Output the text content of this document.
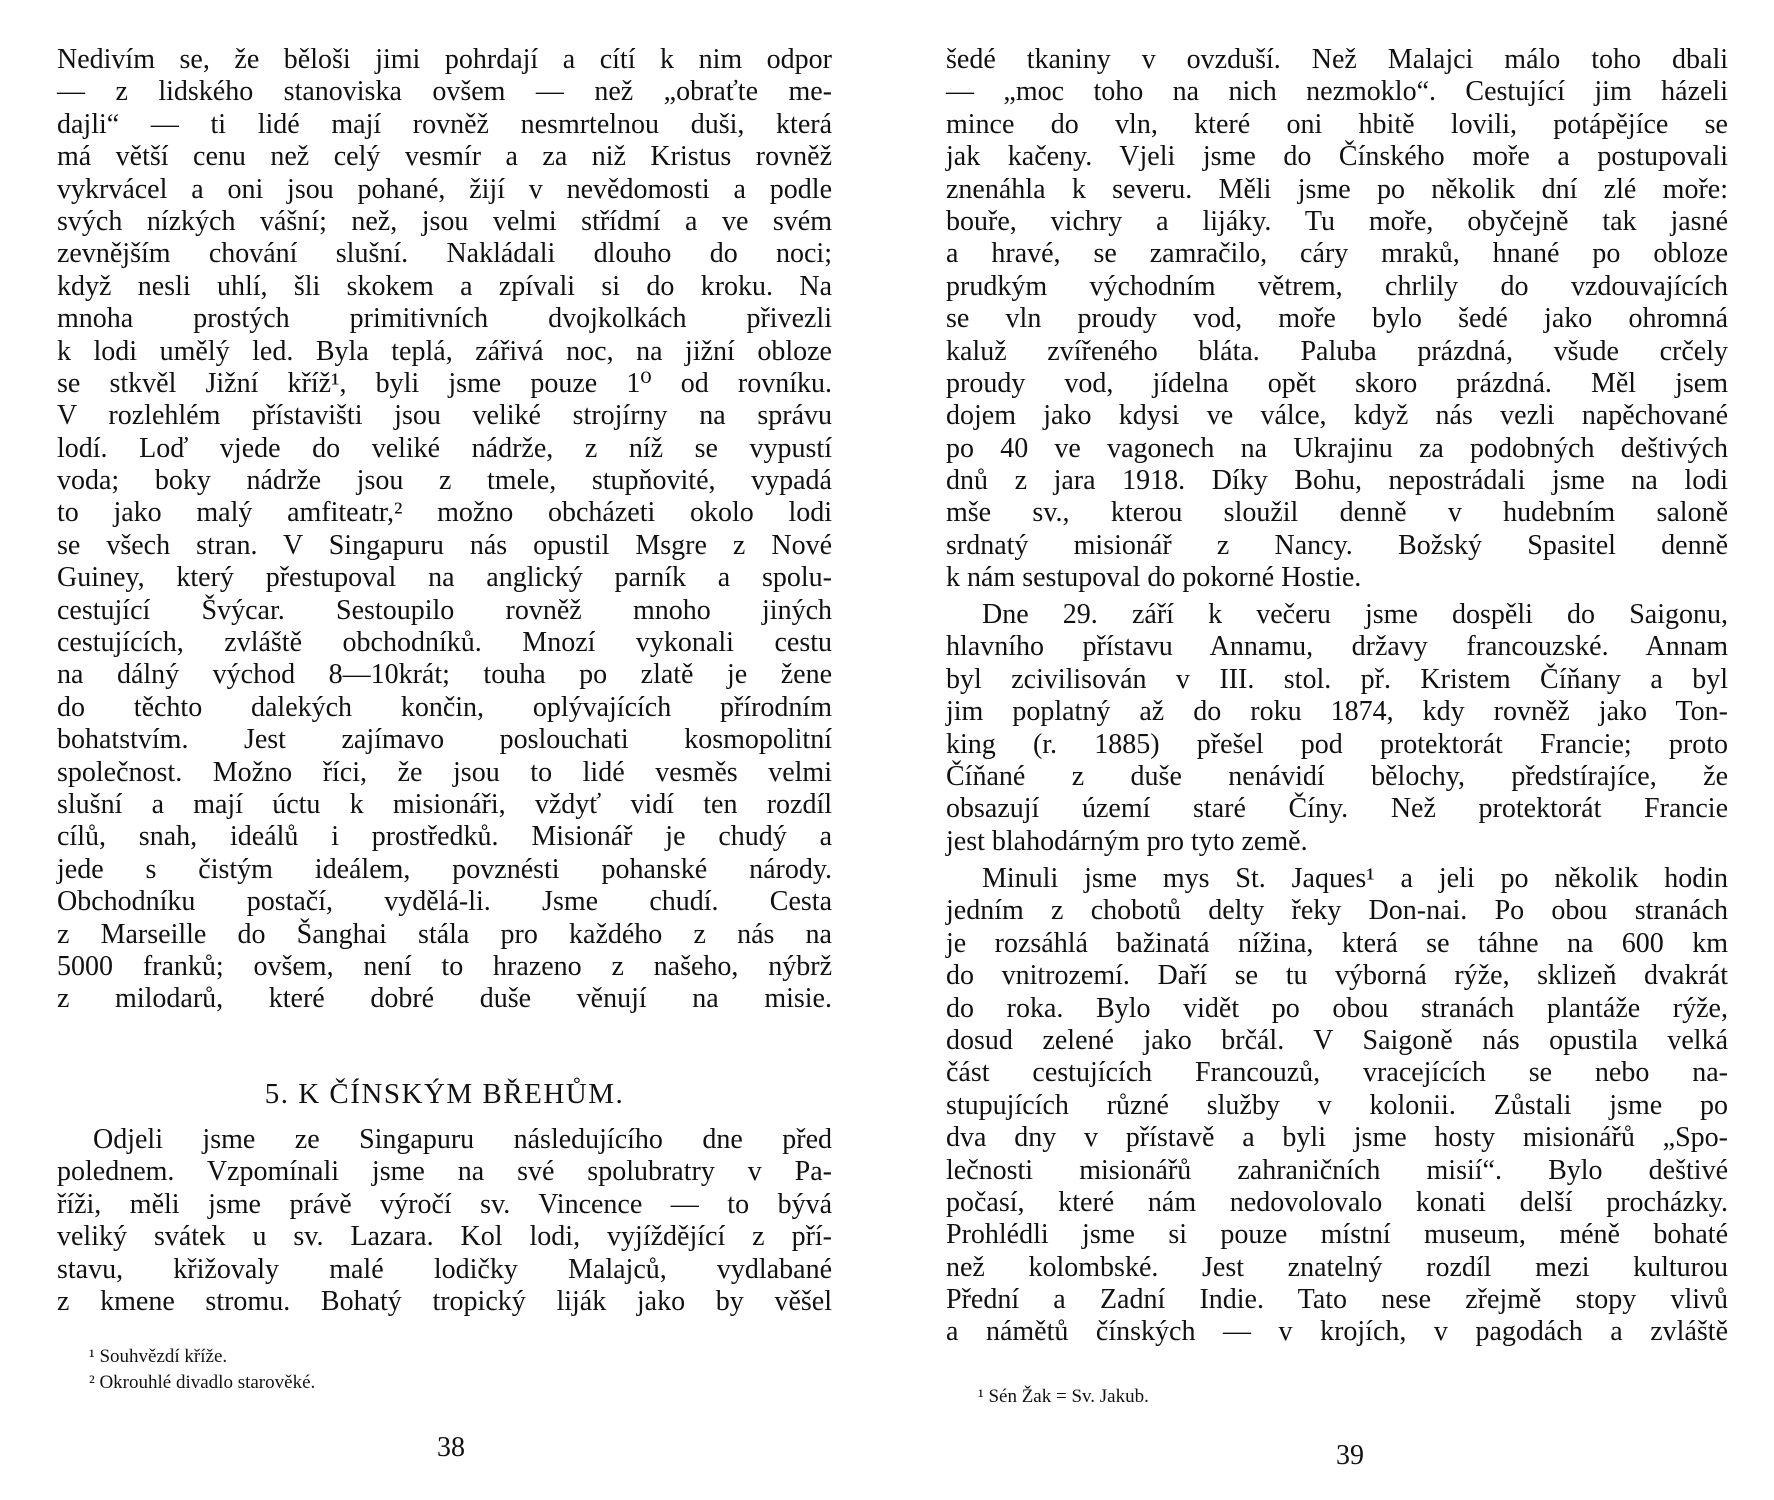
Nedivím se, že běloši jimi pohrdají a cítí k nim odpor
— z lidského stanoviska ovšem — než „obraťte me-
dajli“ — ti lidé mají rovněž nesmrtelnou duši, která
má větší cenu než celý vesmír a za niž Kristus rovněž
vykrvácel a oni jsou pohané, žijí v nevědomosti a podle
svých nízkých vášní; než, jsou velmi střídmí a ve svém
zevnějším chování slušní. Nakládali dlouho do noci;
když nesli uhlí, šli skokem a zpívali si do kroku. Na
mnoha prostých primitivních dvojkolkách přivezli
k lodi umělý led. Byla teplá, zářivá noc, na jižní obloze
se stkvěl Jižní kříž¹, byli jsme pouze 1⁰ od rovníku.
V rozlehlém přístavišti jsou veliké strojírny na správu
lodí. Loď vjede do veliké nádrže, z níž se vypustí
voda; boky nádrže jsou z tmele, stupňovité, vypadá
to jako malý amfiteatr,² možno obcházeti okolo lodi
se všech stran. V Singapuru nás opustil Msgre z Nové
Guiney, který přestupoval na anglický parník a spolu-
cestující Švýcar. Sestoupilo rovněž mnoho jiných
cestujících, zvláště obchodníků. Mnozí vykonali cestu
na dálný východ 8—10krát; touha po zlatě je žene
do těchto dalekých končin, oplývajících přírodním
bohatstvím. Jest zajímavo poslouchati kosmopolitní
společnost. Možno říci, že jsou to lidé vesměs velmi
slušní a mají úctu k misionáři, vždyť vidí ten rozdíl
cílů, snah, ideálů i prostředků. Misionář je chudý a
jede s čistým ideálem, povznésti pohanské národy.
Obchodníku postačí, vydělá-li. Jsme chudí. Cesta
z Marseille do Šanghai stála pro každého z nás na
5000 franků; ovšem, není to hrazeno z našeho, nýbrž
z milodarů, které dobré duše věnují na misie.
5. K ČÍNSKÝM BŘEHŮM.
Odjeli jsme ze Singapuru následujícího dne před
polednem. Vzpomínali jsme na své spolubratry v Pa-
říži, měli jsme právě výročí sv. Vincence — to bývá
veliký svátek u sv. Lazara. Kol lodi, vyjíždějící z pří-
stavu, křižovaly malé lodičky Malajců, vydlabané
z kmene stromu. Bohatý tropický liják jako by věšel
¹ Souhvězdí kříže.
² Okrouhlé divadlo starověké.
38
šedé tkaniny v ovzduší. Než Malajci málo toho dbali
— „moc toho na nich nezmoklo“. Cestující jim házeli
mince do vln, které oni hbitě lovili, potápějíce se
jak kačeny. Vjeli jsme do Čínského moře a postupovali
znenáhla k severu. Měli jsme po několik dní zlé moře:
bouře, vichry a lijáky. Tu moře, obyčejně tak jasné
a hravé, se zamračilo, cáry mraků, hnané po obloze
prudkým východním větrem, chrlily do vzdouvajících
se vln proudy vod, moře bylo šedé jako ohromná
kaluž zvířeného bláta. Paluba prázdná, všude crčely
proudy vod, jídelna opět skoro prázdná. Měl jsem
dojem jako kdysi ve válce, když nás vezli napěchované
po 40 ve vagonech na Ukrajinu za podobných deštivých
dnů z jara 1918. Díky Bohu, nepostrádali jsme na lodi
mše sv., kterou sloužil denně v hudebním saloně
srdnatý misionář z Nancy. Božský Spasitel denně
k nám sestupoval do pokorné Hostie.
Dne 29. září k večeru jsme dospěli do Saigonu,
hlavního přístavu Annamu, državy francouzské. Annam
byl zcivilisován v III. stol. př. Kristem Číňany a byl
jim poplatný až do roku 1874, kdy rovněž jako Ton-
king (r. 1885) přešel pod protektorát Francie; proto
Číňané z duše nenávidí bělochy, předstírajíce, že
obsazují území staré Číny. Než protektorát Francie
jest blahodárným pro tyto země.
Minuli jsme mys St. Jaques¹ a jeli po několik hodin
jedním z chobotů delty řeky Don-nai. Po obou stranách
je rozsáhlá bažinatá nížina, která se táhne na 600 km
do vnitrozemí. Daří se tu výborná rýže, sklizeň dvakrát
do roka. Bylo vidět po obou stranách plantáže rýže,
dosud zelené jako brčál. V Saigoně nás opustila velká
část cestujících Francouzů, vracejících se nebo na-
stupujících různé služby v kolonii. Zůstali jsme po
dva dny v přístavě a byli jsme hosty misionářů „Spo-
lečnosti misionářů zahraničních misií“. Bylo deštivé
počasí, které nám nedovolovalo konati delší procházky.
Prohlédli jsme si pouze místní museum, méně bohaté
než kolombské. Jest znatelný rozdíl mezi kulturou
Přední a Zadní Indie. Tato nese zřejmě stopy vlivů
a námětů čínských — v krojích, v pagodách a zvláště
¹ Sén Žak = Sv. Jakub.
39
